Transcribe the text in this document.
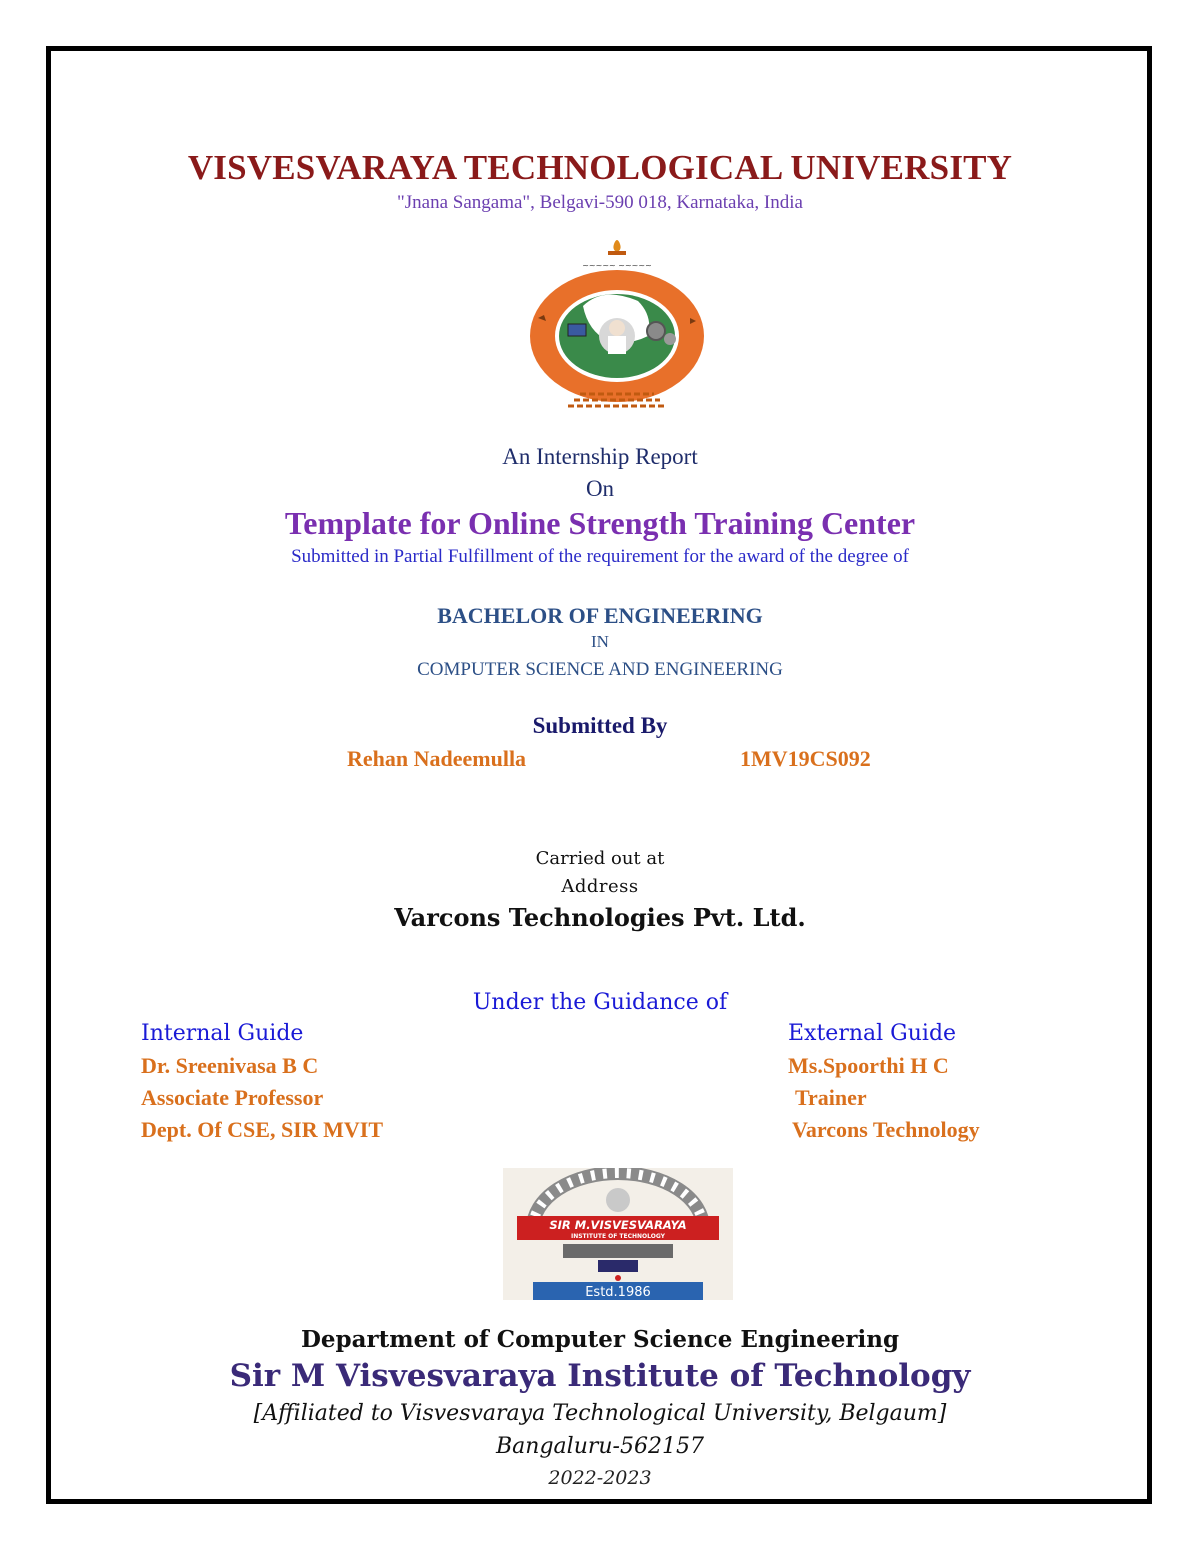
VISVESVARAYA TECHNOLOGICAL UNIVERSITY
"Jnana Sangama", Belgavi-590 018, Karnataka, India
~~~~~ ~~~~~
An Internship Report
On
Template for Online Strength Training Center
Submitted in Partial Fulfillment of the requirement for the award of the degree of
BACHELOR OF ENGINEERING
IN
COMPUTER SCIENCE AND ENGINEERING
Submitted By
Rehan Nadeemulla	1MV19CS092
Carried out at
Address
Varcons Technologies Pvt. Ltd.
Under the Guidance of
Internal Guide
Dr. Sreenivasa B C
Associate Professor
Dept. Of CSE, SIR MVIT
External Guide
Ms.Spoorthi H C
Trainer
Varcons Technology
SIR M.VISVESVARAYA
INSTITUTE OF TECHNOLOGY
Estd.1986
Department of Computer Science Engineering
Sir M Visvesvaraya Institute of Technology
[Affiliated to Visvesvaraya Technological University, Belgaum]
Bangaluru-562157
2022-2023
